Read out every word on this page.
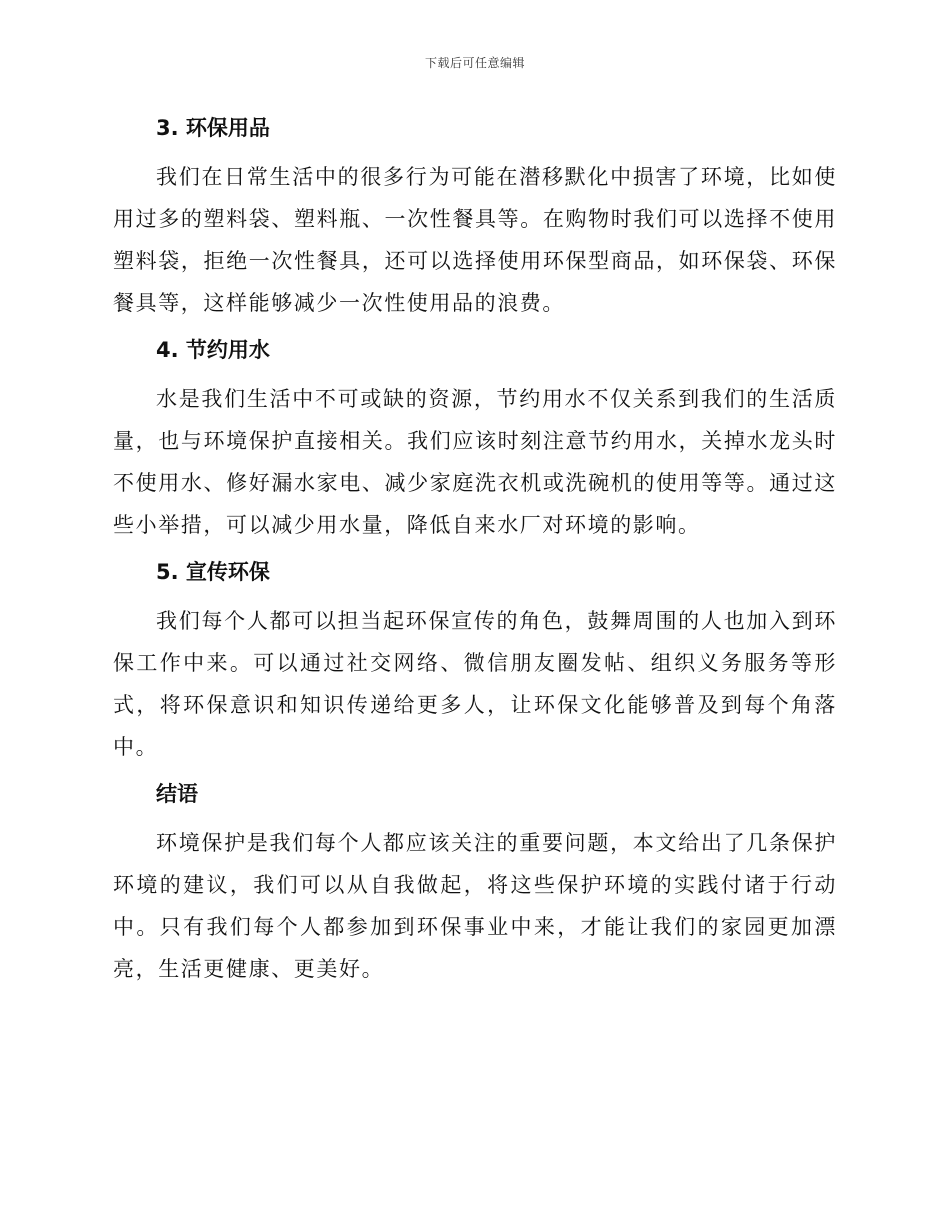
下载后可任意编辑
3. 环保用品

我们在日常生活中的很多行为可能在潜移默化中损害了环境，比如使用过多的塑料袋、塑料瓶、一次性餐具等。在购物时我们可以选择不使用塑料袋，拒绝一次性餐具，还可以选择使用环保型商品，如环保袋、环保餐具等，这样能够减少一次性使用品的浪费。

4. 节约用水

水是我们生活中不可或缺的资源，节约用水不仅关系到我们的生活质量，也与环境保护直接相关。我们应该时刻注意节约用水，关掉水龙头时不使用水、修好漏水家电、减少家庭洗衣机或洗碗机的使用等等。通过这些小举措，可以减少用水量，降低自来水厂对环境的影响。

5. 宣传环保

我们每个人都可以担当起环保宣传的角色，鼓舞周围的人也加入到环保工作中来。可以通过社交网络、微信朋友圈发帖、组织义务服务等形式，将环保意识和知识传递给更多人，让环保文化能够普及到每个角落中。

结语

环境保护是我们每个人都应该关注的重要问题，本文给出了几条保护环境的建议，我们可以从自我做起，将这些保护环境的实践付诸于行动中。只有我们每个人都参加到环保事业中来，才能让我们的家园更加漂亮，生活更健康、更美好。
